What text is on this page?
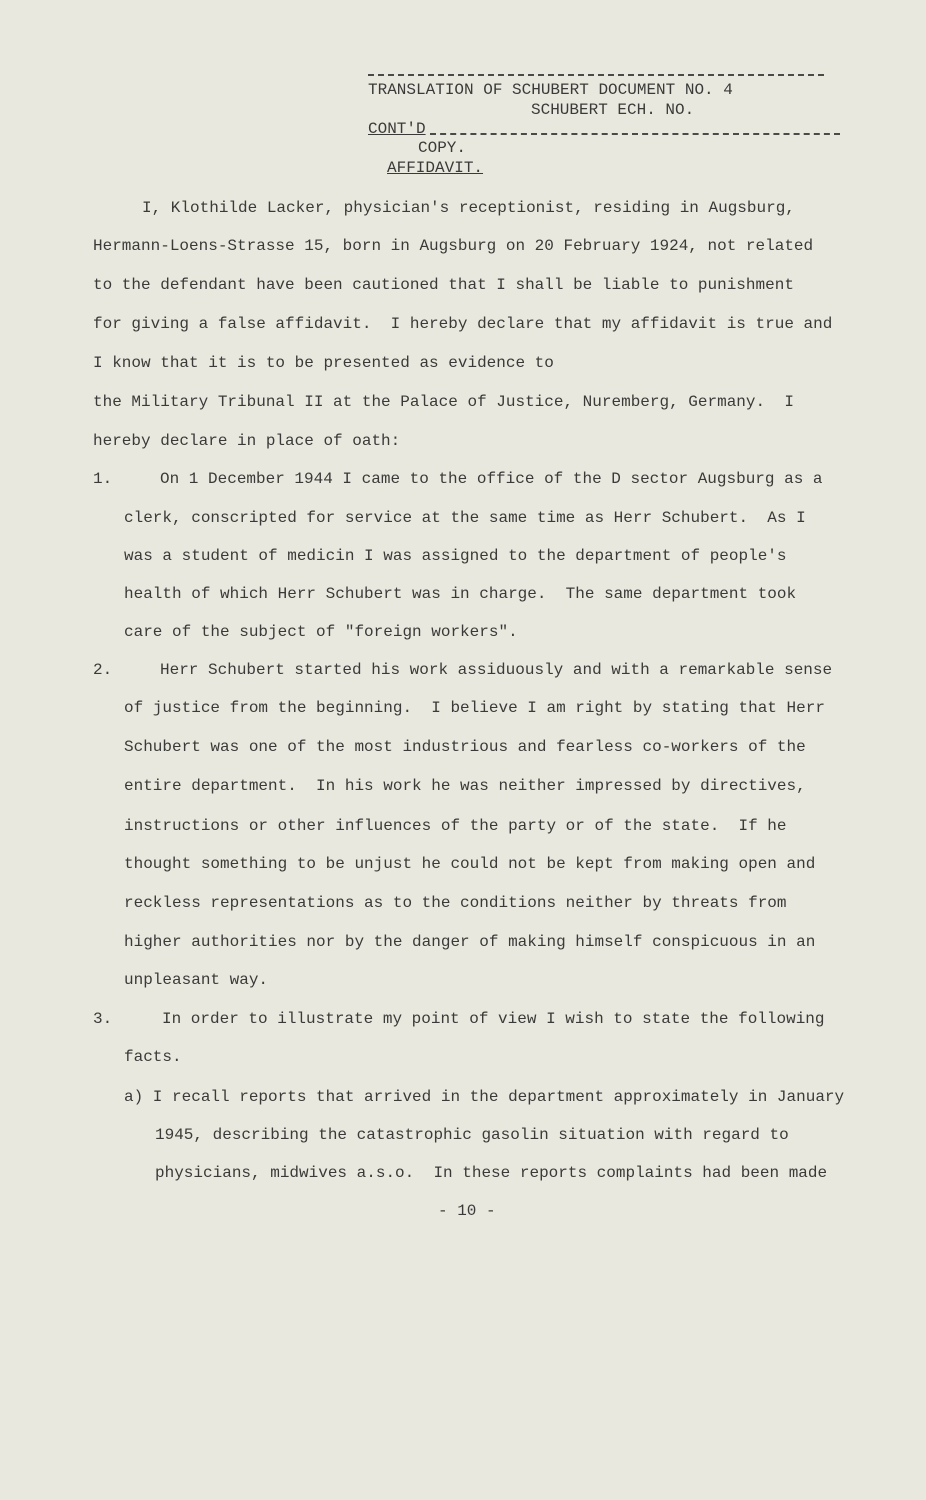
TRANSLATION OF SCHUBERT DOCUMENT NO. 4
SCHUBERT ECH. NO.
CONT'D
COPY.
AFFIDAVIT.
I, Klothilde Lacker, physician's receptionist, residing in Augsburg,
Hermann-Loens-Strasse 15, born in Augsburg on 20 February 1924, not related
to the defendant have been cautioned that I shall be liable to punishment
for giving a false affidavit.  I hereby declare that my affidavit is true and
I know that it is to be presented as evidence to
the Military Tribunal II at the Palace of Justice, Nuremberg, Germany.  I
hereby declare in place of oath:
1.	On 1 December 1944 I came to the office of the D sector Augsburg as a
clerk, conscripted for service at the same time as Herr Schubert.  As I
was a student of medicin I was assigned to the department of people's
health of which Herr Schubert was in charge.  The same department took
care of the subject of "foreign workers".
2.	Herr Schubert started his work assiduously and with a remarkable sense
of justice from the beginning.  I believe I am right by stating that Herr
Schubert was one of the most industrious and fearless co-workers of the
entire department.  In his work he was neither impressed by directives,
instructions or other influences of the party or of the state.  If he
thought something to be unjust he could not be kept from making open and
reckless representations as to the conditions neither by threats from
higher authorities nor by the danger of making himself conspicuous in an
unpleasant way.
3.	In order to illustrate my point of view I wish to state the following
facts.
a) I recall reports that arrived in the department approximately in January
1945, describing the catastrophic gasolin situation with regard to
physicians, midwives a.s.o.  In these reports complaints had been made
- 10 -
